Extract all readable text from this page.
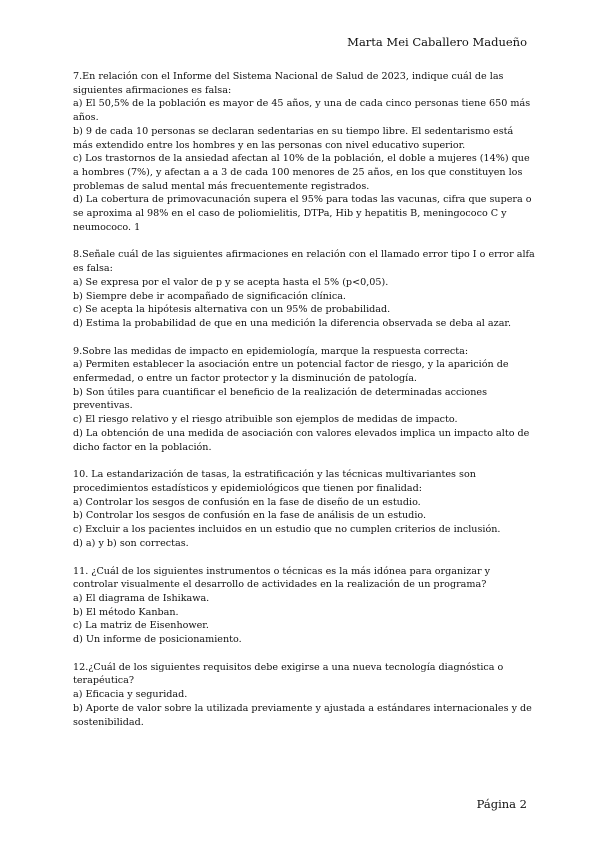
Marta Mei Caballero Madueño

7.En relación con el Informe del Sistema Nacional de Salud de 2023, indique cuál de las siguientes afirmaciones es falsa:

a) El 50,5% de la población es mayor de 45 años, y una de cada cinco personas tiene 650 más años.

b) 9 de cada 10 personas se declaran sedentarias en su tiempo libre. El sedentarismo está más extendido entre los hombres y en las personas con nivel educativo superior.

c) Los trastornos de la ansiedad afectan al 10% de la población, el doble a mujeres (14%) que a hombres (7%), y afectan a a 3 de cada 100 menores de 25 años, en los que constituyen los problemas de salud mental más frecuentemente registrados.

d) La cobertura de primovacunación supera el 95% para todas las vacunas, cifra que supera o se aproxima al 98% en el caso de poliomielitis, DTPa, Hib y hepatitis B, meningococo C y neumococo. 1

8.Señale cuál de las siguientes afirmaciones en relación con el llamado error tipo I o error alfa es falsa:

a) Se expresa por el valor de p y se acepta hasta el 5% (p<0,05).

b) Siempre debe ir acompañado de significación clínica.

c) Se acepta la hipótesis alternativa con un 95% de probabilidad.

d) Estima la probabilidad de que en una medición la diferencia observada se deba al azar.

9.Sobre las medidas de impacto en epidemiología, marque la respuesta correcta:

a) Permiten establecer la asociación entre un potencial factor de riesgo, y la aparición de enfermedad, o entre un factor protector y la disminución de patología.

b) Son útiles para cuantificar el beneficio de la realización de determinadas acciones preventivas.

c) El riesgo relativo y el riesgo atribuible son ejemplos de medidas de impacto.

d) La obtención de una medida de asociación con valores elevados implica un impacto alto de dicho factor en la población.

10. La estandarización de tasas, la estratificación y las técnicas multivariantes son procedimientos estadísticos y epidemiológicos que tienen por finalidad:

a) Controlar los sesgos de confusión en la fase de diseño de un estudio.

b) Controlar los sesgos de confusión en la fase de análisis de un estudio.

c) Excluir a los pacientes incluidos en un estudio que no cumplen criterios de inclusión.

d) a) y b) son correctas.

11. ¿Cuál de los siguientes instrumentos o técnicas es la más idónea para organizar y controlar visualmente el desarrollo de actividades en la realización de un programa?

a) El diagrama de Ishikawa.

b) El método Kanban.

c) La matriz de Eisenhower.

d) Un informe de posicionamiento.

12.¿Cuál de los siguientes requisitos debe exigirse a una nueva tecnología diagnóstica o terapéutica?

a) Eficacia y seguridad.

b) Aporte de valor sobre la utilizada previamente y ajustada a estándares internacionales y de sostenibilidad.

Página 2
